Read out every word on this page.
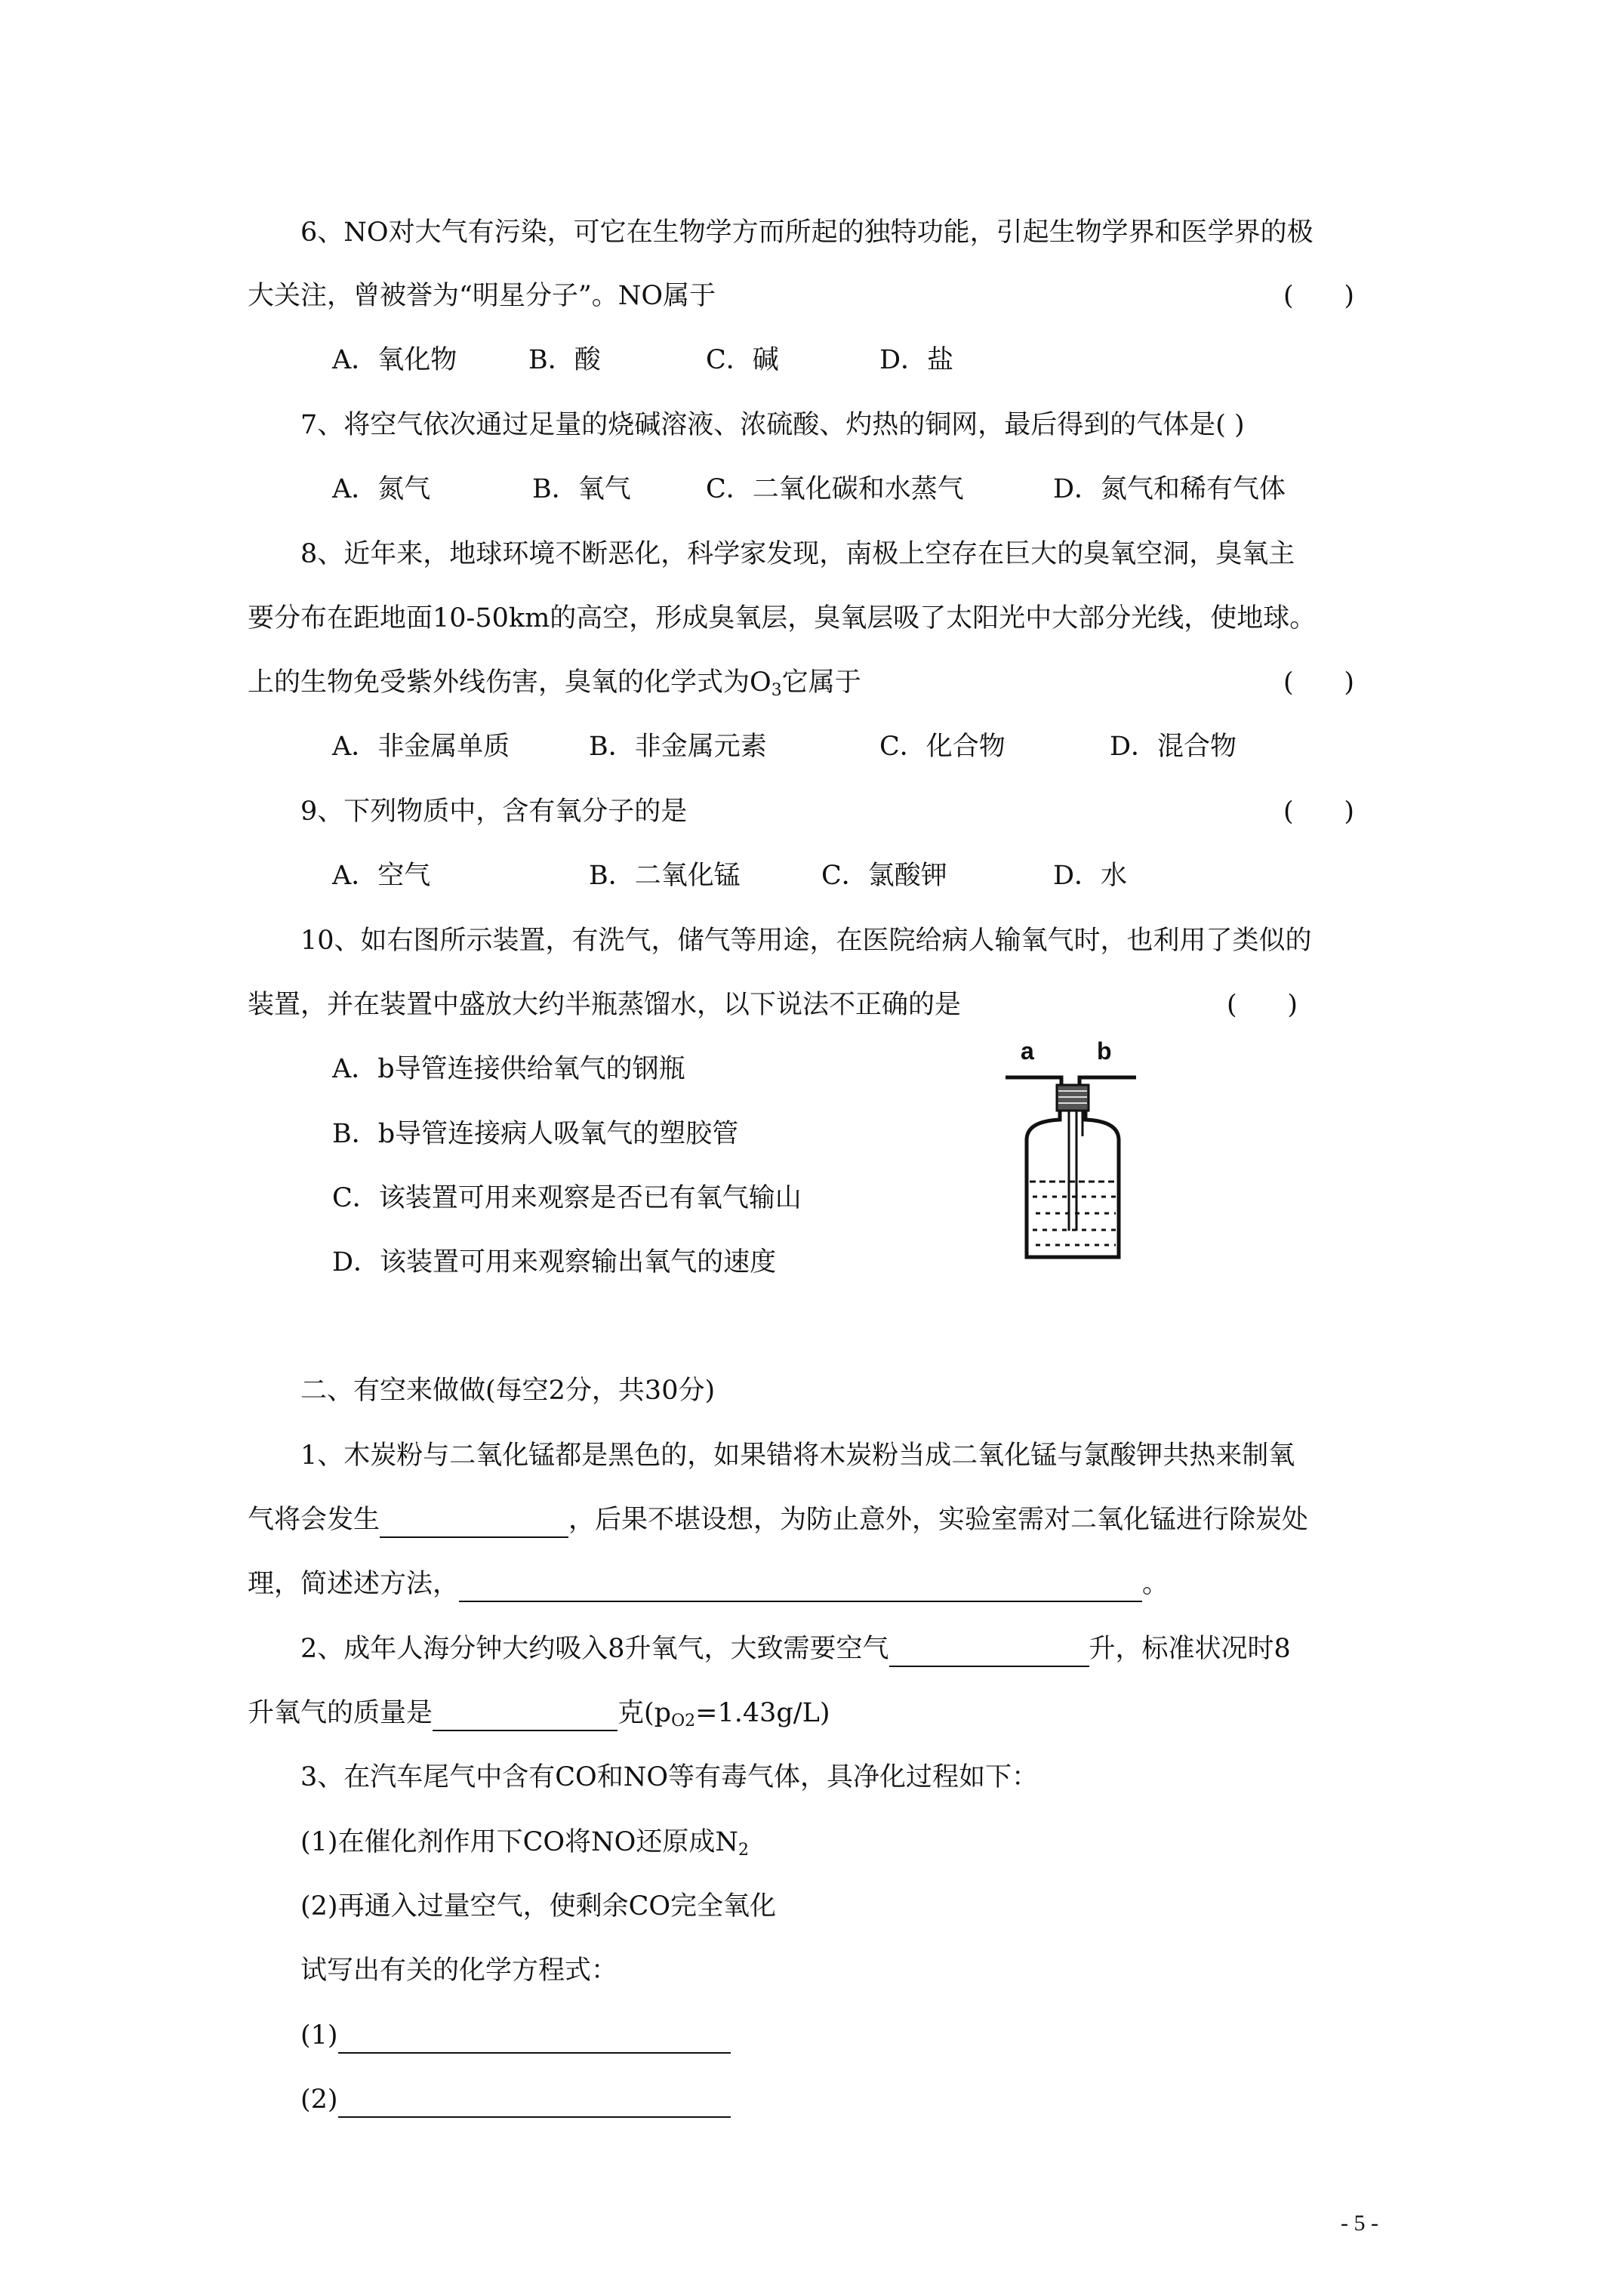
6、NO对大气有污染，可它在生物学方而所起的独特功能，引起生物学界和医学界的极
大关注，曾被誉为“明星分子”。NO属于	(      )
A．氧化物	B．酸	C．碱	D．盐
7、将空气依次通过足量的烧碱溶液、浓硫酸、灼热的铜网，最后得到的气体是( )
A．氮气	B．氧气	C．二氧化碳和水蒸气	D．氮气和稀有气体
8、近年来，地球环境不断恶化，科学家发现，南极上空存在巨大的臭氧空洞，臭氧主
要分布在距地面10-50km的高空，形成臭氧层，臭氧层吸了太阳光中大部分光线，使地球。
上的生物免受紫外线伤害，臭氧的化学式为$O_3$它属于	(      )
A．非金属单质	B．非金属元素	C．化合物	D．混合物
9、下列物质中，含有氧分子的是	(      )
A．空气	B．二氧化锰	C．氯酸钾	D．水
10、如右图所示装置，有洗气，储气等用途，在医院给病人输氧气时，也利用了类似的
装置，并在装置中盛放大约半瓶蒸馏水，以下说法不正确的是	(      )
A．b导管连接供给氧气的钢瓶
B．b导管连接病人吸氧气的塑胶管
C．该装置可用来观察是否已有氧气输山
D．该装置可用来观察输出氧气的速度
a	b
二、有空来做做(每空2分，共30分)
1、木炭粉与二氧化锰都是黑色的，如果错将木炭粉当成二氧化锰与氯酸钾共热来制氧
气将会发生	，后果不堪设想，为防止意外，实验室需对二氧化锰进行除炭处
理，简述述方法，	。
2、成年人海分钟大约吸入8升氧气，大致需要空气	升，标准状况时8
升氧气的质量是	克$(p_{O2}=1.43g/L)$
3、在汽车尾气中含有CO和NO等有毒气体，具净化过程如下：
(1)在催化剂作用下CO将NO还原成$N_2$
(2)再通入过量空气，使剩余CO完全氧化
试写出有关的化学方程式：
(1)
(2)
- 5 -
